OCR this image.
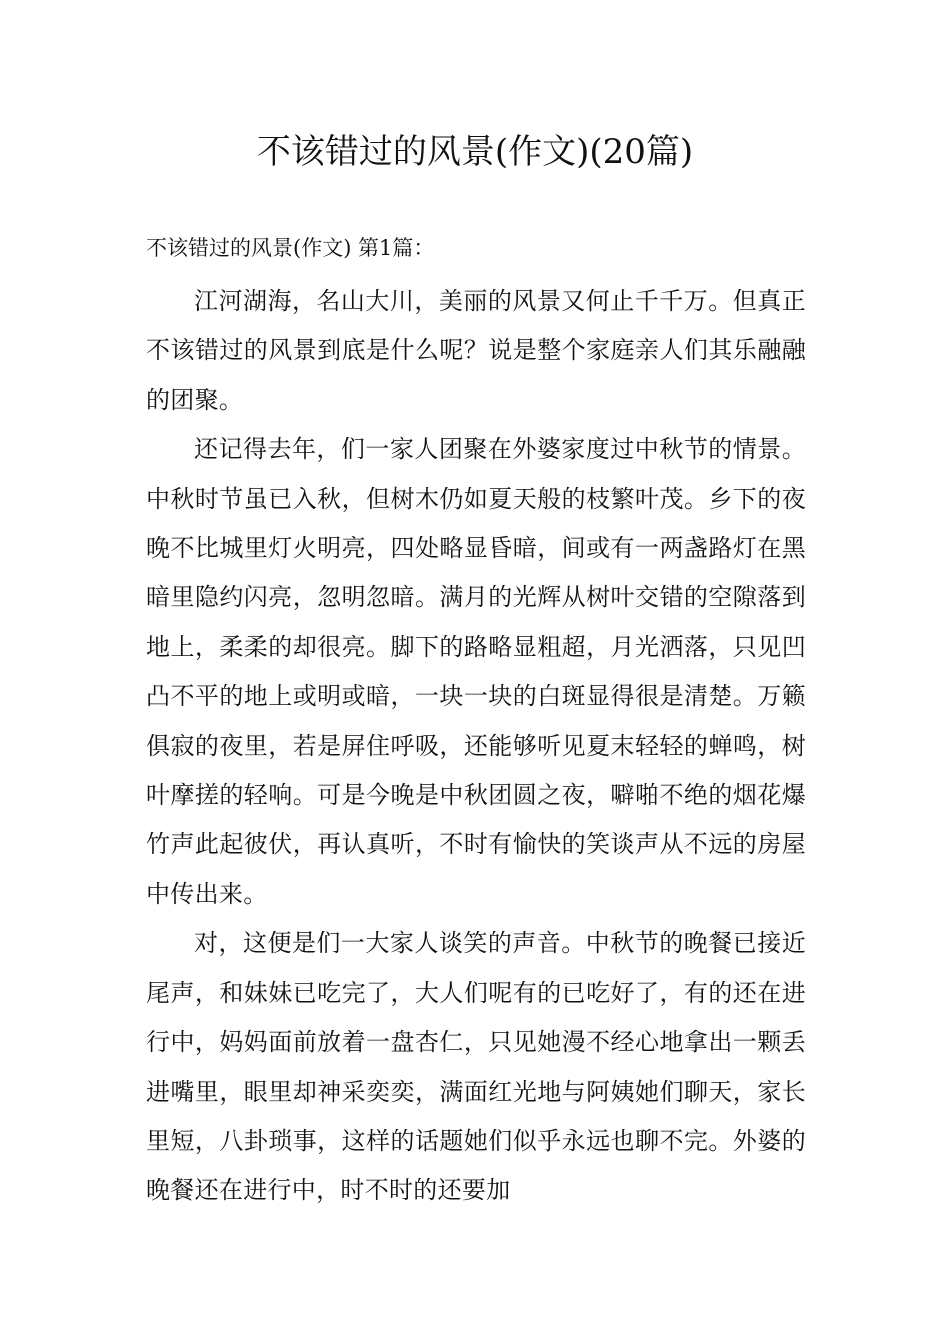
不该错过的风景(作文)(20篇)
不该错过的风景(作文) 第1篇：

江河湖海，名山大川，美丽的风景又何止千千万。但真正不该错过的风景到底是什么呢？说是整个家庭亲人们其乐融融的团聚。

还记得去年，们一家人团聚在外婆家度过中秋节的情景。中秋时节虽已入秋，但树木仍如夏天般的枝繁叶茂。乡下的夜晚不比城里灯火明亮，四处略显昏暗，间或有一两盏路灯在黑暗里隐约闪亮，忽明忽暗。满月的光辉从树叶交错的空隙落到地上，柔柔的却很亮。脚下的路略显粗超，月光洒落，只见凹凸不平的地上或明或暗，一块一块的白斑显得很是清楚。万籁俱寂的夜里，若是屏住呼吸，还能够听见夏末轻轻的蝉鸣，树叶摩搓的轻响。可是今晚是中秋团圆之夜，噼啪不绝的烟花爆竹声此起彼伏，再认真听，不时有愉快的笑谈声从不远的房屋中传出来。

对，这便是们一大家人谈笑的声音。中秋节的晚餐已接近尾声，和妹妹已吃完了，大人们呢有的已吃好了，有的还在进行中，妈妈面前放着一盘杏仁，只见她漫不经心地拿出一颗丢进嘴里，眼里却神采奕奕，满面红光地与阿姨她们聊天，家长里短，八卦琐事，这样的话题她们似乎永远也聊不完。外婆的晚餐还在进行中，时不时的还要加
